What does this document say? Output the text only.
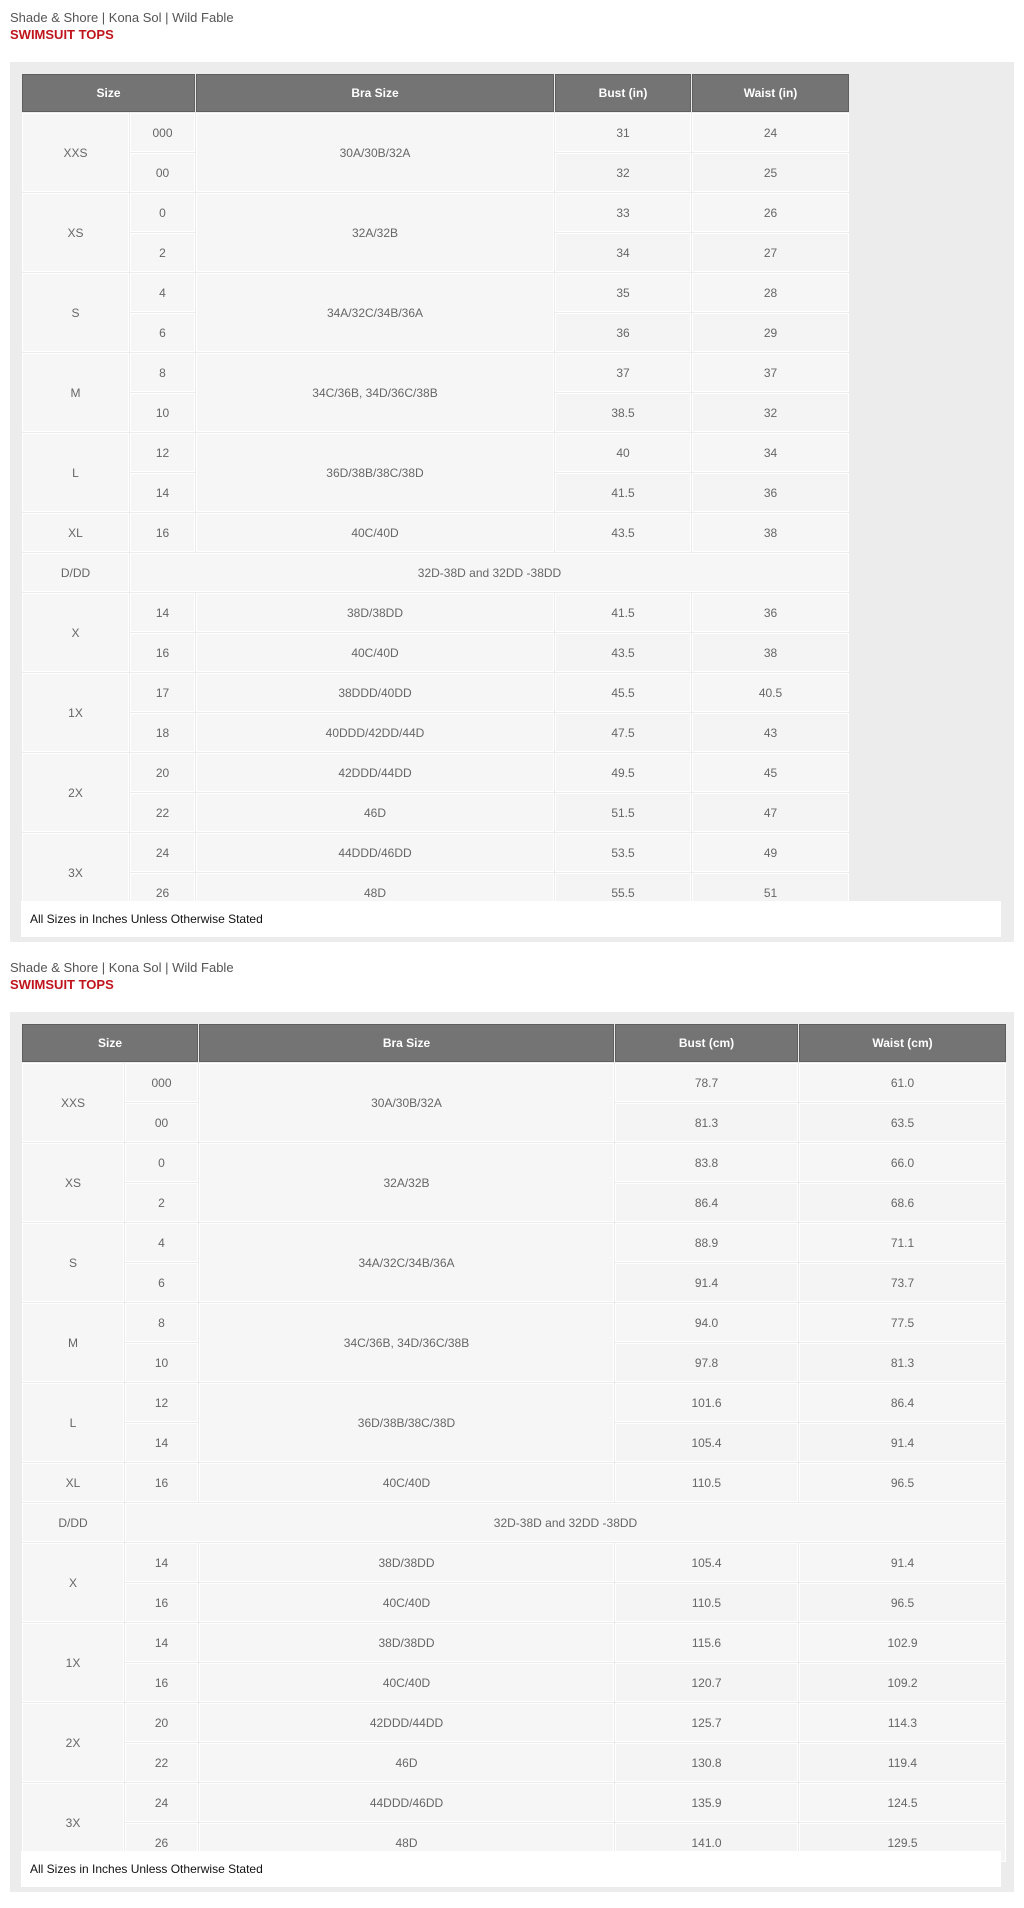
Shade & Shore | Kona Sol | Wild Fable
SWIMSUIT TOPS
Size		Bra Size	Bust (in)	Waist (in)
XXS	000	30A/30B/32A	31	24
	00		32	25
XS	0	32A/32B	33	26
	2		34	27
S	4	34A/32C/34B/36A	35	28
	6		36	29
M	8	34C/36B, 34D/36C/38B	37	37
	10		38.5	32
L	12	36D/38B/38C/38D	40	34
	14		41.5	36
XL	16	40C/40D	43.5	38
D/DD	32D-38D and 32DD -38DD			
X	14	38D/38DD	41.5	36
	16	40C/40D	43.5	38
1X	17	38DDD/40DD	45.5	40.5
	18	40DDD/42DD/44D	47.5	43
2X	20	42DDD/44DD	49.5	45
	22	46D	51.5	47
3X	24	44DDD/46DD	53.5	49
	26	48D	55.5	51
All Sizes in Inches Unless Otherwise Stated
Shade & Shore | Kona Sol | Wild Fable
SWIMSUIT TOPS
Size		Bra Size	Bust (cm)	Waist (cm)
XXS	000	30A/30B/32A	78.7	61.0
	00		81.3	63.5
XS	0	32A/32B	83.8	66.0
	2		86.4	68.6
S	4	34A/32C/34B/36A	88.9	71.1
	6		91.4	73.7
M	8	34C/36B, 34D/36C/38B	94.0	77.5
	10		97.8	81.3
L	12	36D/38B/38C/38D	101.6	86.4
	14		105.4	91.4
XL	16	40C/40D	110.5	96.5
D/DD	32D-38D and 32DD -38DD			
X	14	38D/38DD	105.4	91.4
	16	40C/40D	110.5	96.5
1X	14	38D/38DD	115.6	102.9
	16	40C/40D	120.7	109.2
2X	20	42DDD/44DD	125.7	114.3
	22	46D	130.8	119.4
3X	24	44DDD/46DD	135.9	124.5
	26	48D	141.0	129.5
All Sizes in Inches Unless Otherwise Stated
